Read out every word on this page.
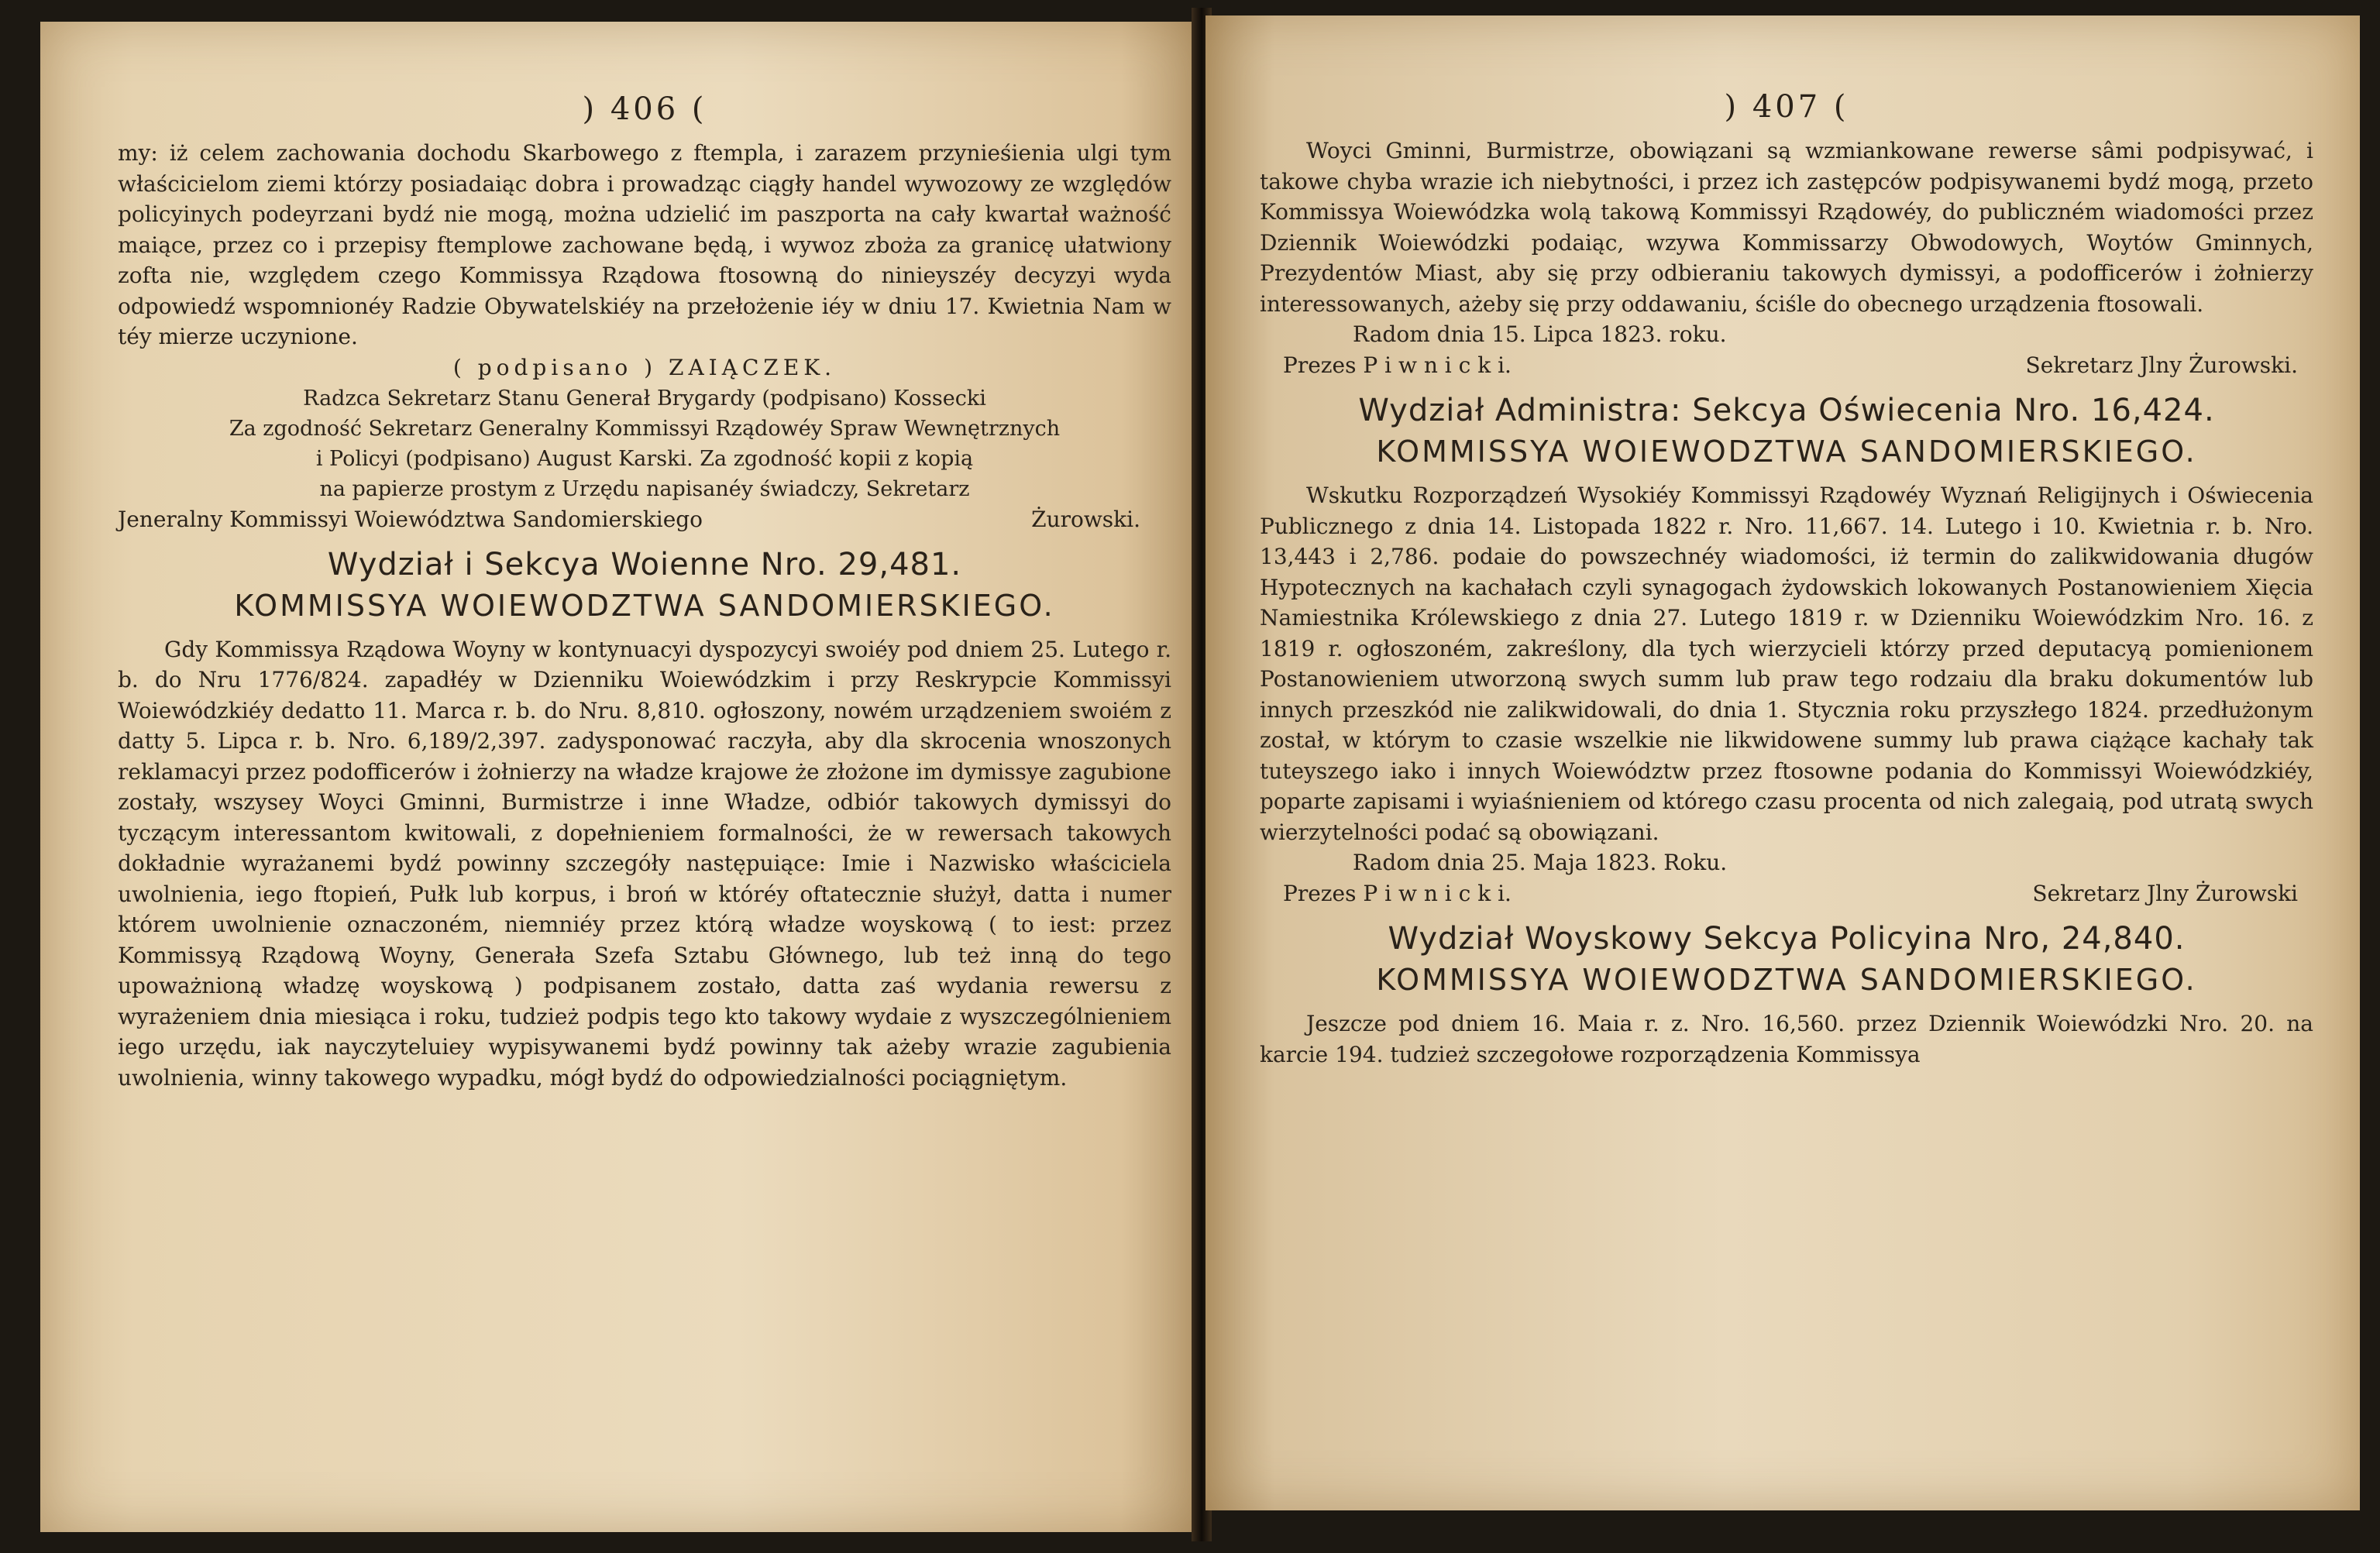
) 406 (

my: iż celem zachowania dochodu Skarbowego z ftempla, i zarazem przynieśienia ulgi tym właścicielom ziemi którzy posiadaiąc dobra i prowadząc ciągły handel wywozowy ze względów policyinych podeyrzani bydź nie mogą, można udzielić im paszporta na cały kwartał ważność maiące, przez co i przepisy ftemplowe zachowane będą, i wywoz zboża za granicę ułatwiony zofta nie, względem czego Kommissya Rządowa ftosowną do ninieyszéy decyzyi wyda odpowiedź wspomnionéy Radzie Obywatelskiéy na przełożenie iéy w dniu 17. Kwietnia Nam w téy mierze uczynione.

( podpisano ) ZAIĄCZEK.
Radzca Sekretarz Stanu Generał Brygardy (podpisano) Kossecki
Za zgodność Sekretarz Generalny Kommissyi Rządowéy Spraw Wewnętrznych
i Policyi (podpisano) August Karski. Za zgodność kopii z kopią
na papierze prostym z Urzędu napisanéy świadczy, Sekretarz
Jeneralny Kommissyi Woiewództwa Sandomierskiego	Żurowski.
Wydział i Sekcya Woienne Nro. 29,481.
KOMMISSYA WOIEWODZTWA SANDOMIERSKIEGO.

Gdy Kommissya Rządowa Woyny w kontynuacyi dyspozycyi swoiéy pod dniem 25. Lutego r. b. do Nru 1776/824. zapadłéy w Dzienniku Woiewódzkim i przy Reskrypcie Kommissyi Woiewódzkiéy dedatto 11. Marca r. b. do Nru. 8,810. ogłoszony, nowém urządzeniem swoiém z datty 5. Lipca r. b. Nro. 6,189/2,397. zadysponować raczyła, aby dla skrocenia wnoszonych reklamacyi przez podofficerów i żołnierzy na władze krajowe że złożone im dymissye zagubione zostały, wszysey Woyci Gminni, Burmistrze i inne Władze, odbiór takowych dymissyi do tyczącym interessantom kwitowali, z dopełnieniem formalności, że w rewersach takowych dokładnie wyrażanemi bydź powinny szczegóły następuiące: Imie i Nazwisko właściciela uwolnienia, iego ftopień, Pułk lub korpus, i broń w któréy oftatecznie służył, datta i numer którem uwolnienie oznaczoném, niemniéy przez którą władze woyskową ( to iest: przez Kommissyą Rządową Woyny, Generała Szefa Sztabu Głównego, lub też inną do tego upoważnioną władzę woyskową ) podpisanem zostało, datta zaś wydania rewersu z wyrażeniem dnia miesiąca i roku, tudzież podpis tego kto takowy wydaie z wyszczególnieniem iego urzędu, iak nayczyteluiey wypisywanemi bydź powinny tak ażeby wrazie zagubienia uwolnienia, winny takowego wypadku, mógł bydź do odpowiedzialności pociągniętym.

) 407 (

Woyci Gminni, Burmistrze, obowiązani są wzmiankowane rewerse sâmi podpisywać, i takowe chyba wrazie ich niebytności, i przez ich zastępców podpisywanemi bydź mogą, przeto Kommissya Woiewódzka wolą takową Kommissyi Rządowéy, do publiczném wiadomości przez Dziennik Woiewódzki podaiąc, wzywa Kommissarzy Obwodowych, Woytów Gminnych, Prezydentów Miast, aby się przy odbieraniu takowych dymissyi, a podofficerów i żołnierzy interessowanych, ażeby się przy oddawaniu, ściśle do obecnego urządzenia ftosowali.

Radom dnia 15. Lipca 1823. roku.
Prezes P i w n i c k i.	Sekretarz Jlny Żurowski.
Wydział Administra: Sekcya Oświecenia Nro. 16,424.
KOMMISSYA WOIEWODZTWA SANDOMIERSKIEGO.

Wskutku Rozporządzeń Wysokiéy Kommissyi Rządowéy Wyznań Religijnych i Oświecenia Publicznego z dnia 14. Listopada 1822 r. Nro. 11,667. 14. Lutego i 10. Kwietnia r. b. Nro. 13,443 i 2,786. podaie do powszechnéy wiadomości, iż termin do zalikwidowania długów Hypotecznych na kachałach czyli synagogach żydowskich lokowanych Postanowieniem Xięcia Namiestnika Królewskiego z dnia 27. Lutego 1819 r. w Dzienniku Woiewódzkim Nro. 16. z 1819 r. ogłoszoném, zakreślony, dla tych wierzycieli którzy przed deputacyą pomienionem Postanowieniem utworzoną swych summ lub praw tego rodzaiu dla braku dokumentów lub innych przeszkód nie zalikwidowali, do dnia 1. Stycznia roku przyszłego 1824. przedłużonym został, w którym to czasie wszelkie nie likwidowene summy lub prawa ciążące kachały tak tuteyszego iako i innych Woiewództw przez ftosowne podania do Kommissyi Woiewódzkiéy, poparte zapisami i wyiaśnieniem od którego czasu procenta od nich zalegaią, pod utratą swych wierzytelności podać są obowiązani.

Radom dnia 25. Maja 1823. Roku.
Prezes P i w n i c k i.	Sekretarz Jlny Żurowski
Wydział Woyskowy Sekcya Policyina Nro, 24,840.
KOMMISSYA WOIEWODZTWA SANDOMIERSKIEGO.

Jeszcze pod dniem 16. Maia r. z. Nro. 16,560. przez Dziennik Woiewódzki Nro. 20. na karcie 194. tudzież szczegołowe rozporządzenia Kommissya
